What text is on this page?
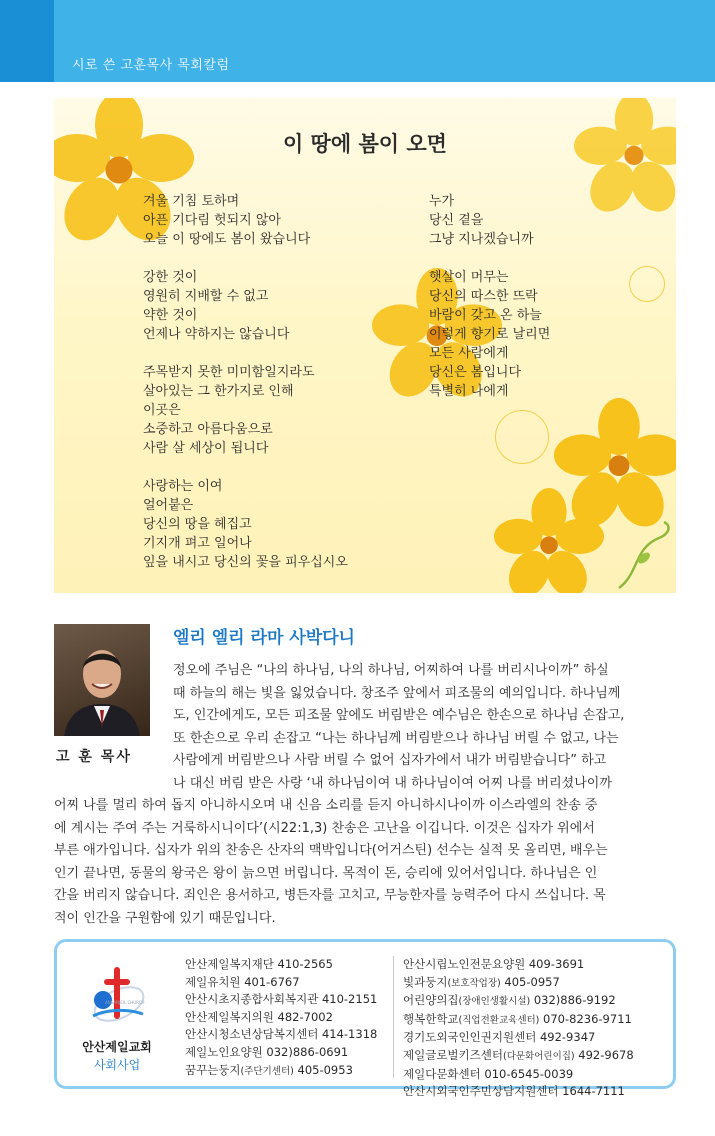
시로 쓴 고훈목사 목회칼럼
이 땅에 봄이 오면
겨울 기침 토하며
아픈 기다림 헛되지 않아
오늘 이 땅에도 봄이 왔습니다
강한 것이
영원히 지배할 수 없고
약한 것이
언제나 약하지는 않습니다
주목받지 못한 미미함일지라도
살아있는 그 한가지로 인해
이곳은
소중하고 아름다움으로
사람 살 세상이 됩니다
사랑하는 이여
얼어붙은
당신의 땅을 헤집고
기지개 펴고 일어나
잎을 내시고 당신의 꽃을 피우십시오
누가
당신 곁을
그냥 지나겠습니까
햇살이 머무는
당신의 따스한 뜨락
바람이 갖고 온 하늘
이렇게 향기로 날리면
모든 사람에게
당신은 봄입니다
특별히 나에게
고 훈 목사
엘리 엘리 라마 사박다니
정오에 주님은 “나의 하나님, 나의 하나님, 어찌하여 나를 버리시나이까” 하실
때 하늘의 해는 빛을 잃었습니다. 창조주 앞에서 피조물의 예의입니다. 하나님께
도, 인간에게도, 모든 피조물 앞에도 버림받은 예수님은 한손으로 하나님 손잡고,
또 한손으로 우리 손잡고 “나는 하나님께 버림받으나 하나님 버릴 수 없고, 나는
사람에게 버림받으나 사람 버릴 수 없어 십자가에서 내가 버림받습니다” 하고
나 대신 버림 받은 사랑 ‘내 하나님이여 내 하나님이여 어찌 나를 버리셨나이까
어찌 나를 멀리 하여 돕지 아니하시오며 내 신음 소리를 듣지 아니하시나이까 이스라엘의 찬송 중
에 계시는 주여 주는 거룩하시니이다’(시22:1,3) 찬송은 고난을 이깁니다. 이것은 십자가 위에서
부른 애가입니다. 십자가 위의 찬송은 산자의 맥박입니다(어거스틴) 선수는 실적 못 올리면, 배우는
인기 끝나면, 동물의 왕국은 왕이 늙으면 버립니다. 목적이 돈, 승리에 있어서입니다. 하나님은 인
간을 버리지 않습니다. 죄인은 용서하고, 병든자를 고치고, 무능한자를 능력주어 다시 쓰십니다. 목
적이 인간을 구원함에 있기 때문입니다.
ANSANJEIL CHURCH
안산제일교회
사회사업
안산제일복지재단 410-2565
제일유치원 401-6767
안산시초지종합사회복지관 410-2151
안산제일복지의원 482-7002
안산시청소년상담복지센터 414-1318
제일노인요양원 032)886-0691
꿈꾸는둥지(주단기센터) 405-0953
안산시립노인전문요양원 409-3691
빛과둥지(보호작업장) 405-0957
어린양의집(장애인생활시설) 032)886-9192
행복한학교(직업전환교육센터) 070-8236-9711
경기도외국인인권지원센터 492-9347
제일글로벌키즈센터(다문화어린이집) 492-9678
제일다문화센터 010-6545-0039
안산시외국인주민상담지원센터 1644-7111
